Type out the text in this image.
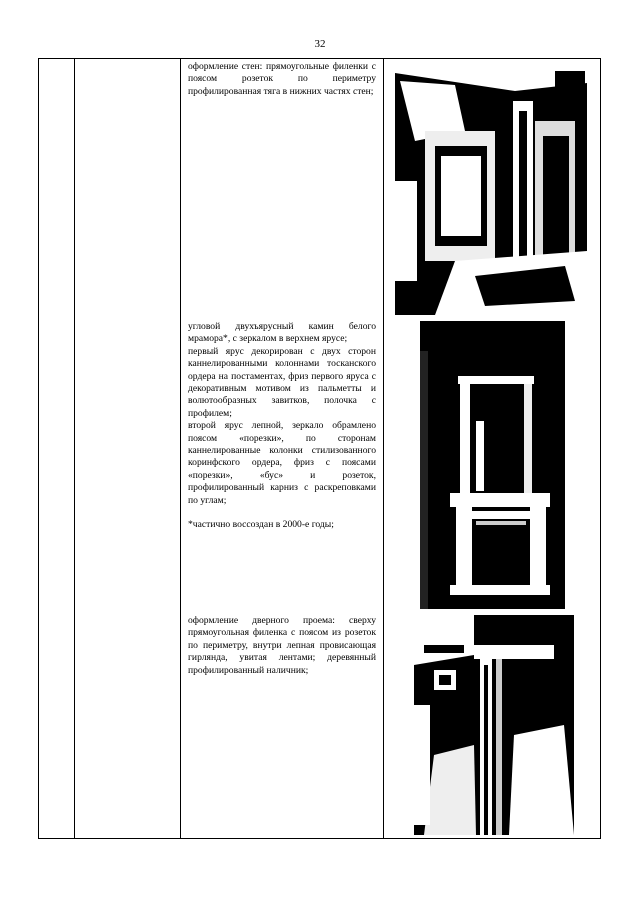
32

оформление стен: прямоугольные филенки с поясом розеток по периметру профилированная тяга в нижних частях стен;

угловой двухъярусный камин белого мрамора*, с зеркалом в верхнем ярусе;

первый ярус декорирован с двух сторон каннелированными колоннами тосканского ордера на постаментах, фриз первого яруса с декоративным мотивом из пальметты и волютообразных завитков, полочка с профилем;

второй ярус лепной, зеркало обрамлено поясом «порезки», по сторонам каннелированные колонки стилизованного коринфского ордера, фриз с поясами «порезки», «бус» и розеток, профилированный карниз с раскреповками по углам;

*частично воссоздан в 2000-е годы;

оформление дверного проема: сверху прямоугольная филенка с поясом из розеток по периметру, внутри лепная провисающая гирлянда, увитая лентами; деревянный профилированный наличник;
